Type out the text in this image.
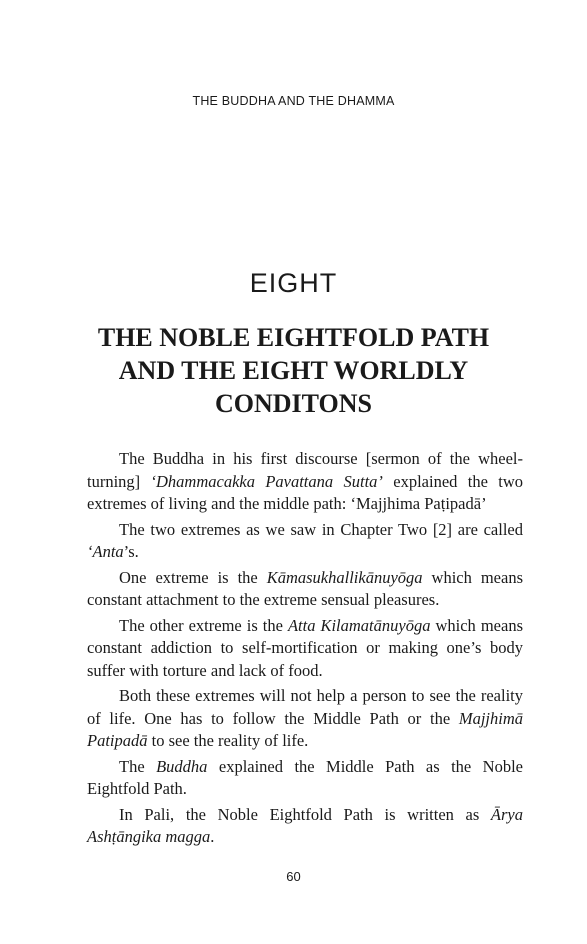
THE BUDDHA AND THE DHAMMA
EIGHT
THE NOBLE EIGHTFOLD PATH
AND THE EIGHT WORLDLY
CONDITONS

The Buddha in his first discourse [sermon of the wheel-turning] ‘Dhammacakka Pavattana Sutta’ explained the two extremes of living and the middle path: ‘Majjhima Paṭipadā’

The two extremes as we saw in Chapter Two [2] are called ‘Anta’s.

One extreme is the Kāmasukhallikānuyōga which means constant attachment to the extreme sensual pleasures.

The other extreme is the Atta Kilamatānuyōga which means constant addiction to self-mortification or making one’s body suffer with torture and lack of food.

Both these extremes will not help a person to see the reality of life. One has to follow the Middle Path or the Majjhimā Patipadā to see the reality of life.

The Buddha explained the Middle Path as the Noble Eightfold Path.

In Pali, the Noble Eightfold Path is written as Ārya Ashṭāngika magga.

60
